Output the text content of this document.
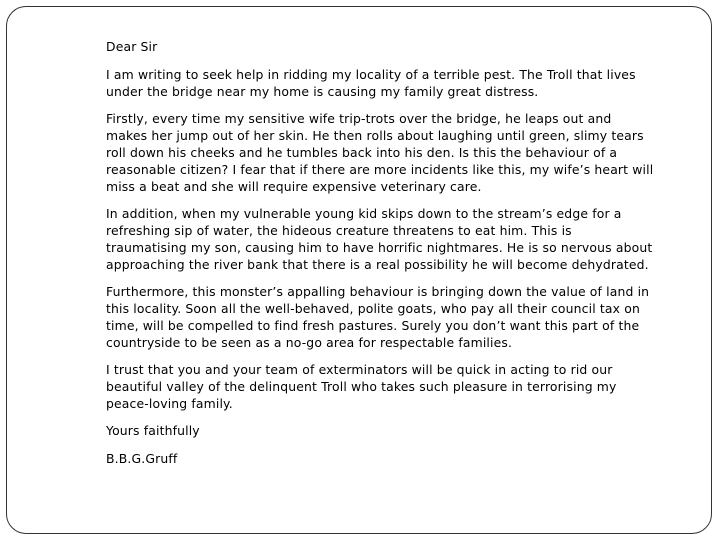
Dear Sir

I am writing to seek help in ridding my locality of a terrible pest. The Troll that lives under the bridge near my home is causing my family great distress.

Firstly, every time my sensitive wife trip-trots over the bridge, he leaps out and makes her jump out of her skin. He then rolls about laughing until green, slimy tears roll down his cheeks and he tumbles back into his den. Is this the behaviour of a reasonable citizen? I fear that if there are more incidents like this, my wife’s heart will miss a beat and she will require expensive veterinary care.

In addition, when my vulnerable young kid skips down to the stream’s edge for a refreshing sip of water, the hideous creature threatens to eat him. This is traumatising my son, causing him to have horrific nightmares. He is so nervous about approaching the river bank that there is a real possibility he will become dehydrated.

Furthermore, this monster’s appalling behaviour is bringing down the value of land in this locality. Soon all the well-behaved, polite goats, who pay all their council tax on time, will be compelled to find fresh pastures. Surely you don’t want this part of the countryside to be seen as a no-go area for respectable families.

I trust that you and your team of exterminators will be quick in acting to rid our beautiful valley of the delinquent Troll who takes such pleasure in terrorising my peace-loving family.

Yours faithfully

B.B.G.Gruff
